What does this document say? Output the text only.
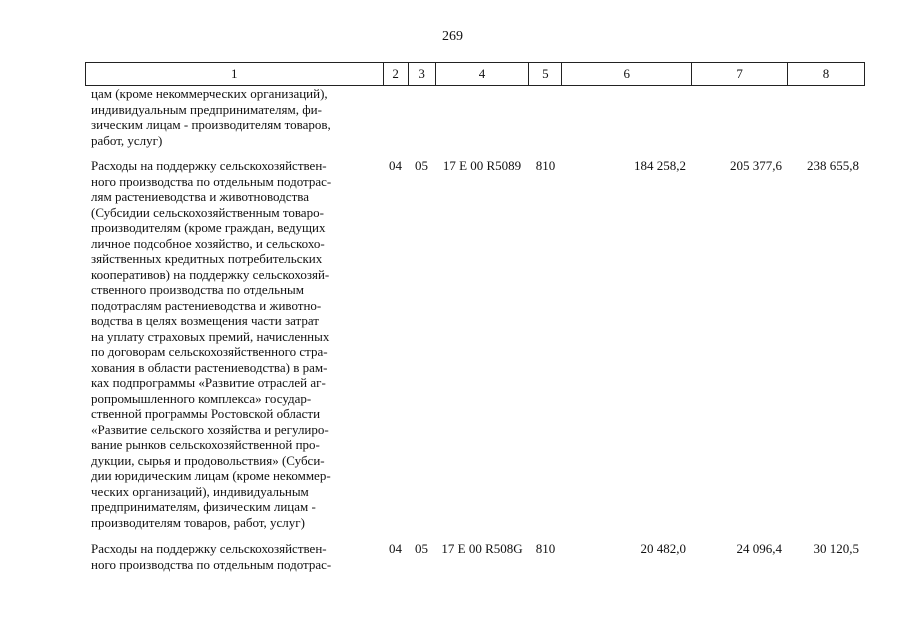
269
1	2	3	4	5	6	7	8
цам (кроме некоммерческих организаций),
индивидуальным предпринимателям, фи-
зическим лицам - производителям товаров,
работ, услуг)
Расходы на поддержку сельскохозяйствен-
ного производства по отдельным подотрас-
лям растениеводства и животноводства
(Субсидии сельскохозяйственным товаро-
производителям (кроме граждан, ведущих
личное подсобное хозяйство, и сельскохо-
зяйственных кредитных потребительских
кооперативов) на поддержку сельскохозяй-
ственного производства по отдельным
подотраслям растениеводства и животно-
водства в целях возмещения части затрат
на уплату страховых премий, начисленных
по договорам сельскохозяйственного стра-
хования в области растениеводства) в рам-
ках подпрограммы «Развитие отраслей аг-
ропромышленного комплекса» государ-
ственной программы Ростовской области
«Развитие сельского хозяйства и регулиро-
вание рынков сельскохозяйственной про-
дукции, сырья и продовольствия» (Субси-
дии юридическим лицам (кроме некоммер-
ческих организаций), индивидуальным
предпринимателям, физическим лицам -
производителям товаров, работ, услуг)
04	05	17 Е 00 R5089	810	184 258,2	205 377,6	238 655,8
Расходы на поддержку сельскохозяйствен-
ного производства по отдельным подотрас-
04	05	17 Е 00 R508G	810	20 482,0	24 096,4	30 120,5
